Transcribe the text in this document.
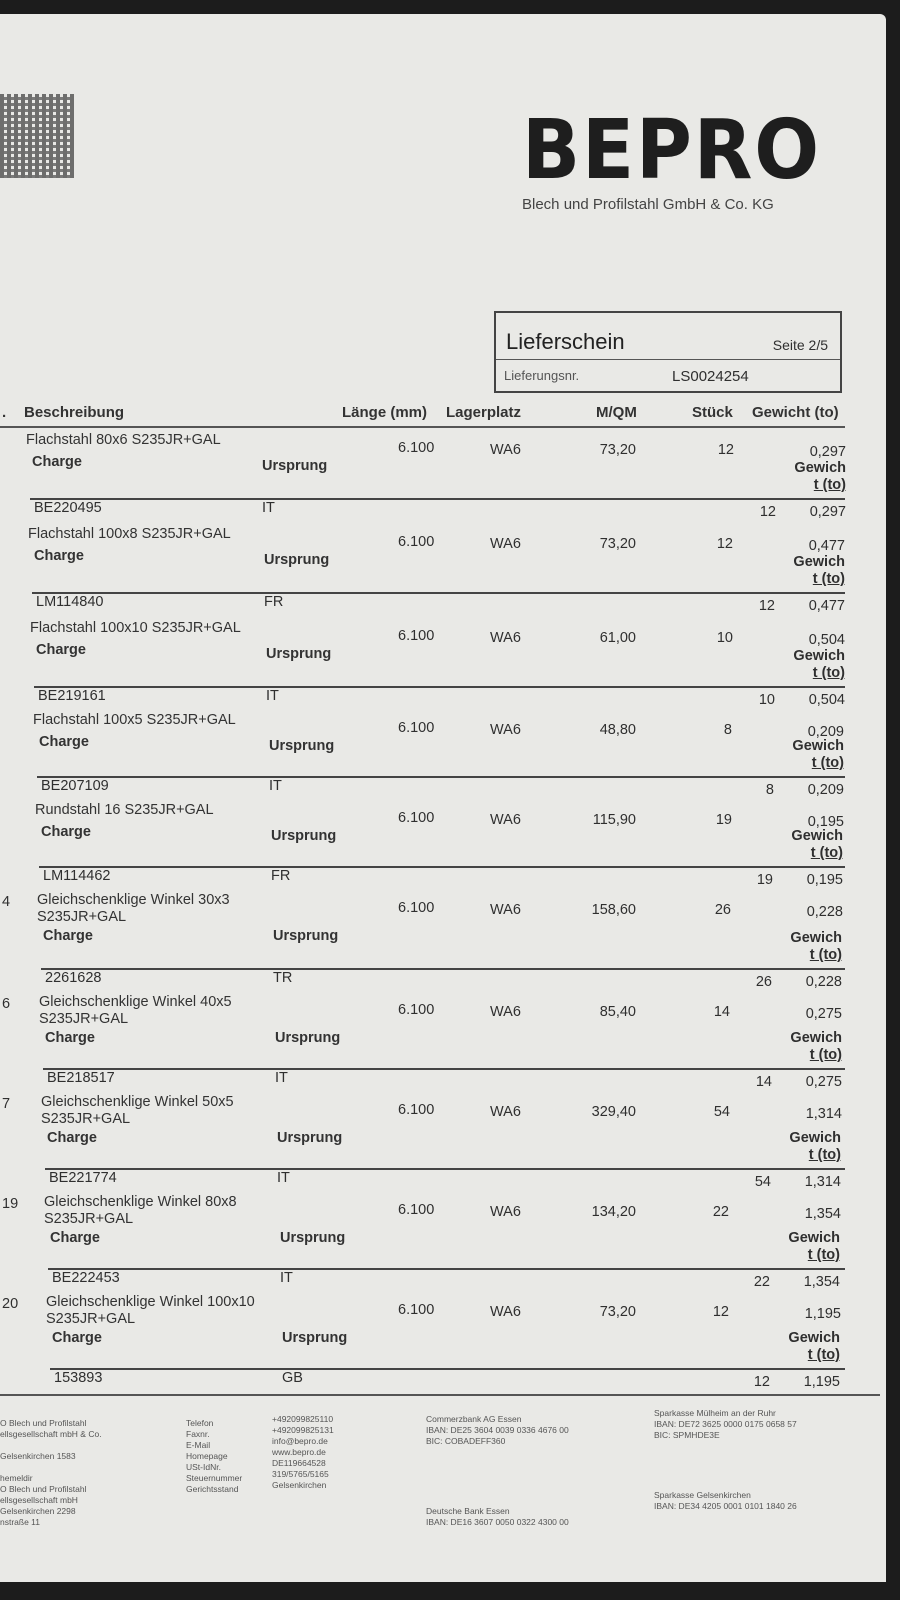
BEPRO
Blech und Profilstahl GmbH & Co. KG
Lieferschein	Seite 2/5
Lieferungsnr.	LS0024254
. Beschreibung	Länge (mm) Lagerplatz	M/QM	Stück Gewicht (to)
Flachstahl 80x6 S235JR+GAL
Charge	Ursprung
6.100	WA6	73,20	12	0,297
Gewich
t (to)
BE220495	IT	12 0,297
Flachstahl 100x8 S235JR+GAL
Charge	Ursprung
6.100	WA6	73,20	12	0,477
Gewich
t (to)
LM114840	FR	12 0,477
Flachstahl 100x10 S235JR+GAL
Charge	Ursprung
6.100	WA6	61,00	10	0,504
Gewich
t (to)
BE219161	IT	10 0,504
Flachstahl 100x5 S235JR+GAL
Charge	Ursprung
6.100	WA6	48,80	8	0,209
Gewich
t (to)
BE207109	IT	8 0,209
Rundstahl 16 S235JR+GAL
Charge	Ursprung
6.100	WA6	115,90	19	0,195
Gewich
t (to)
LM114462	FR	19 0,195
4 Gleichschenklige Winkel 30x3 S235JR+GAL
Charge	Ursprung
6.100	WA6	158,60	26	0,228
Gewich
t (to)
2261628	TR	26 0,228
6 Gleichschenklige Winkel 40x5 S235JR+GAL
Charge	Ursprung
6.100	WA6	85,40	14	0,275
Gewich
t (to)
BE218517	IT	14 0,275
7 Gleichschenklige Winkel 50x5 S235JR+GAL
Charge	Ursprung
6.100	WA6	329,40	54	1,314
Gewich
t (to)
BE221774	IT	54 1,314
19 Gleichschenklige Winkel 80x8 S235JR+GAL
Charge	Ursprung
6.100	WA6	134,20	22	1,354
Gewich
t (to)
BE222453	IT	22 1,354
20 Gleichschenklige Winkel 100x10 S235JR+GAL
Charge	Ursprung
6.100	WA6	73,20	12	1,195
Gewich
t (to)
153893	GB	12 1,195
O Blech und Profilstahl
ellsgesellschaft mbH & Co.

Gelsenkirchen 1583

hemeldir
O Blech und Profilstahl
ellsgesellschaft mbH
Gelsenkirchen 2298
nstraße 11
Telefon
Faxnr.
E-Mail
Homepage
USt-IdNr.
Steuernummer
Gerichtsstand
+492099825110
+492099825131
info@bepro.de
www.bepro.de
DE119664528
319/5765/5165
Gelsenkirchen
Commerzbank AG Essen
IBAN: DE25 3604 0039 0336 4676 00
BIC: COBADEFF360
Sparkasse Mülheim an der Ruhr
IBAN: DE72 3625 0000 0175 0658 57
BIC: SPMHDE3E
Deutsche Bank Essen
IBAN: DE16 3607 0050 0322 4300 00
Sparkasse Gelsenkirchen
IBAN: DE34 4205 0001 0101 1840 26
